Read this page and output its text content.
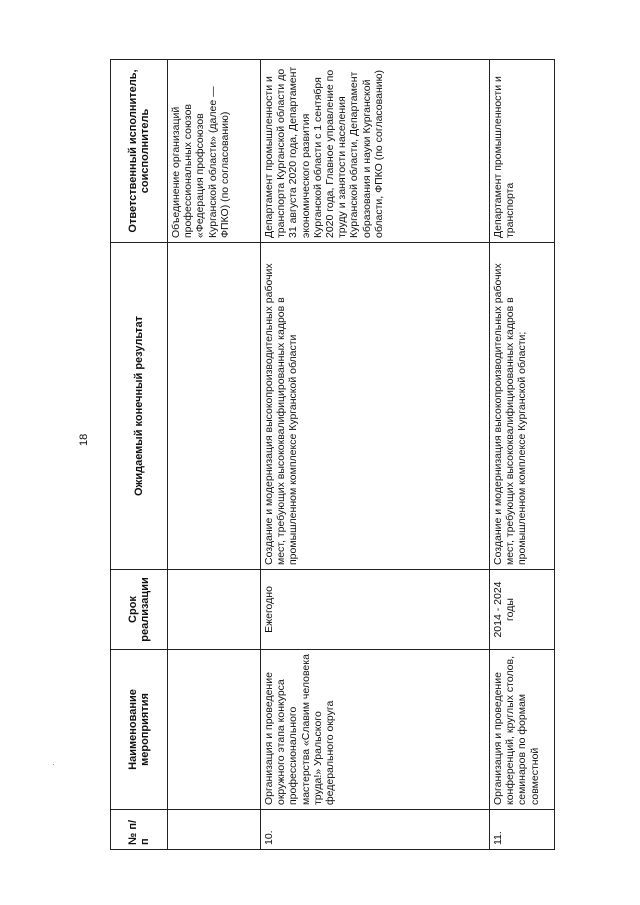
18
·
№ п/п	Наименование мероприятия	Срок реализации	Ожидаемый конечный результат	Ответственный исполнитель, соисполнитель
				Объединение организаций профессиональных союзов «Федерация профсоюзов Курганской области» (далее — ФПКО) (по согласованию)
10.	Организация и проведение окружного этапа конкурса профессионального мастерства «Славим человека труда!» Уральского федерального округа	Ежегодно	Создание и модернизация высокопроизводительных рабочих мест, требующих высококвалифицированных кадров в промышленном комплексе Курганской области	Департамент промышленности и транспорта Курганской области до 31 августа 2020 года, Департамент экономического развития Курганской области с 1 сентября 2020 года, Главное управление по труду и занятости населения Курганской области, Департамент образования и науки Курганской области, ФПКО (по согласованию)
11.	Организация и проведение конференций, круглых столов, семинаров по формам совместной	2014 - 2024 годы	Создание и модернизация высокопроизводительных рабочих мест, требующих высококвалифицированных кадров в промышленном комплексе Курганской области;	Департамент промышленности и транспорта
